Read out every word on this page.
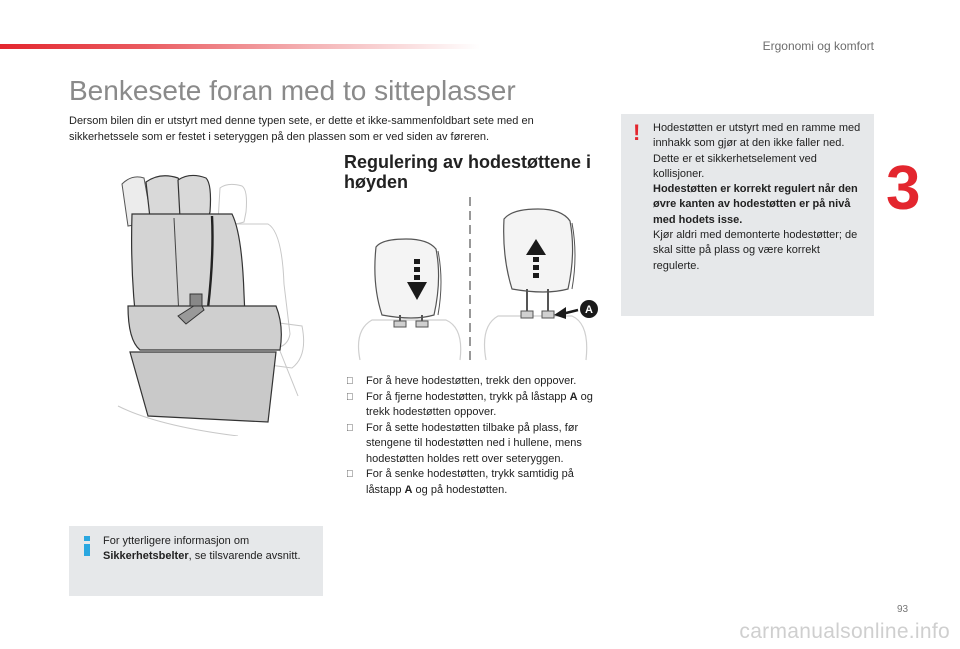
Ergonomi og komfort
3
Benkesete foran med to sitteplasser
Dersom bilen din er utstyrt med denne typen sete, er dette et ikke-sammenfoldbart sete med en sikkerhetssele som er festet i seteryggen på den plassen som er ved siden av føreren.
Regulering av hodestøttene i høyden
A
For å heve hodestøtten, trekk den oppover.
For å fjerne hodestøtten, trykk på låstapp A og trekk hodestøtten oppover.
For å sette hodestøtten tilbake på plass, før stengene til hodestøtten ned i hullene, mens hodestøtten holdes rett over seteryggen.
For å senke hodestøtten, trykk samtidig på låstapp A og på hodestøtten.
For ytterligere informasjon om Sikkerhetsbelter, se tilsvarende avsnitt.
! Hodestøtten er utstyrt med en ramme med innhakk som gjør at den ikke faller ned. Dette er et sikkerhetselement ved kollisjoner.
Hodestøtten er korrekt regulert når den øvre kanten av hodestøtten er på nivå med hodets isse.
Kjør aldri med demonterte hodestøtter; de skal sitte på plass og være korrekt regulerte.
93
carmanualsonline.info
